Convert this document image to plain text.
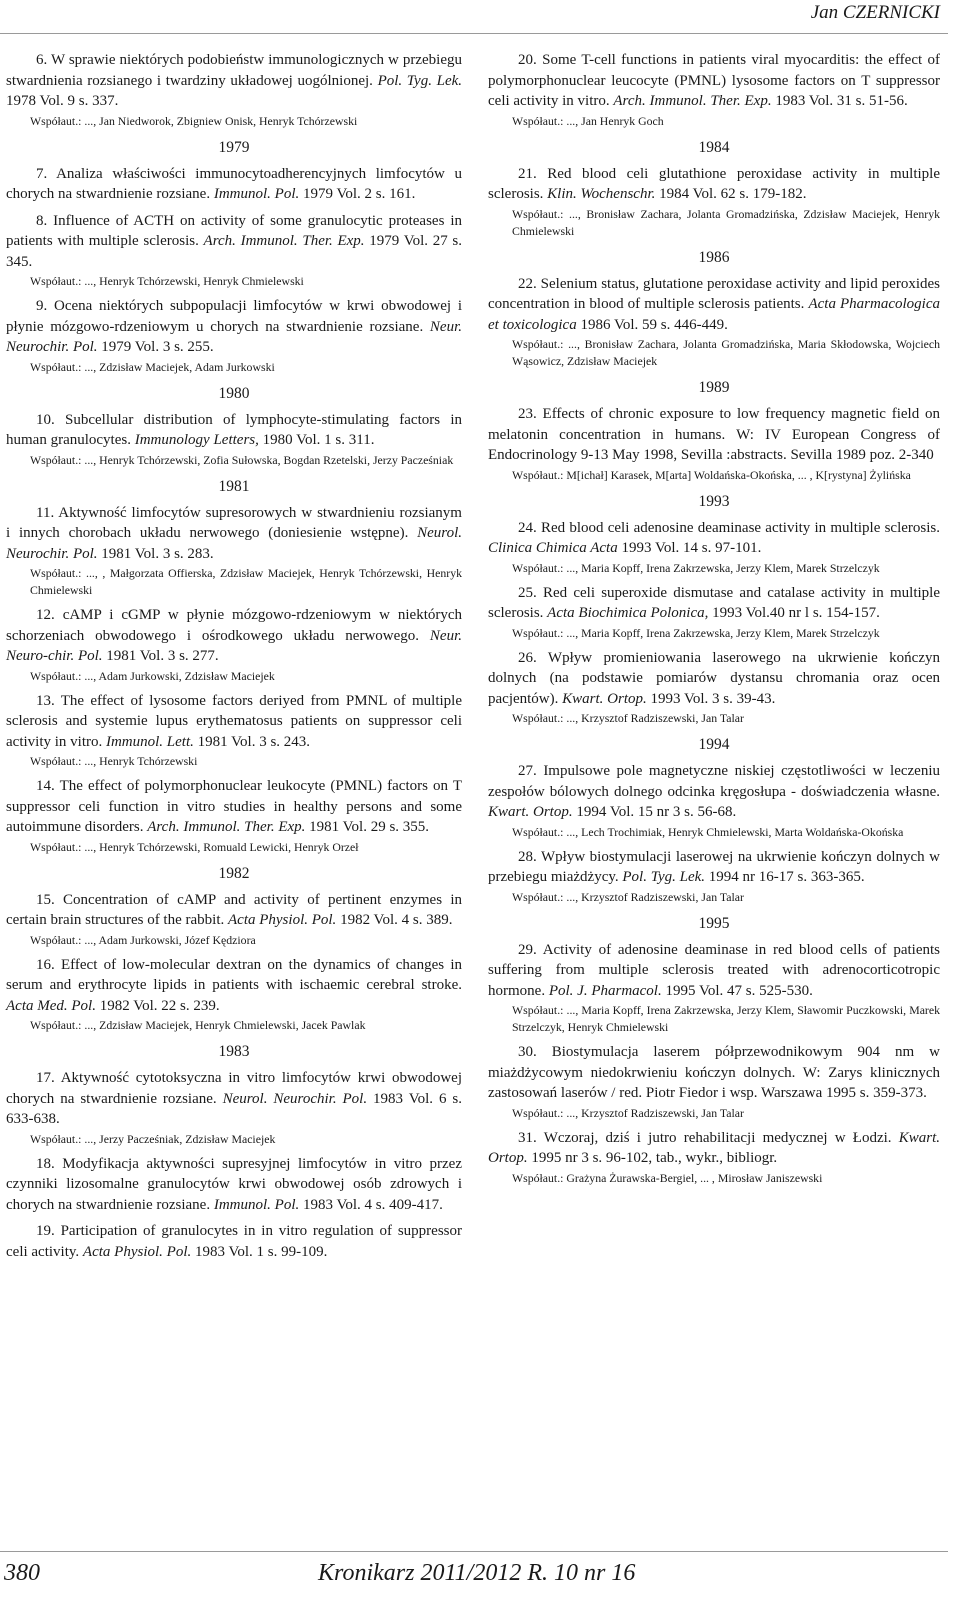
Jan CZERNICKI
6. W sprawie niektórych podobieństw immunologicznych w przebiegu stwardnienia rozsianego i twardziny układowej uogólnionej. Pol. Tyg. Lek. 1978 Vol. 9 s. 337.
Współaut.: ..., Jan Niedworok, Zbigniew Onisk, Henryk Tchórzewski
1979
7. Analiza właściwości immunocytoadherencyjnych limfocytów u chorych na stwardnienie rozsiane. Immunol. Pol. 1979 Vol. 2 s. 161.
8. Influence of ACTH on activity of some granulocytic proteases in patients with multiple sclerosis. Arch. Immunol. Ther. Exp. 1979 Vol. 27 s. 345.
Współaut.: ..., Henryk Tchórzewski, Henryk Chmielewski
9. Ocena niektórych subpopulacji limfocytów w krwi obwodowej i płynie mózgowo-rdzeniowym u chorych na stwardnienie rozsiane. Neur. Neurochir. Pol. 1979 Vol. 3 s. 255.
Współaut.: ..., Zdzisław Maciejek, Adam Jurkowski
1980
10. Subcellular distribution of lymphocyte-stimulating factors in human granulocytes. Immunology Letters, 1980 Vol. 1 s. 311.
Współaut.: ..., Henryk Tchórzewski, Zofia Sułowska, Bogdan Rzetelski, Jerzy Pacześniak
1981
11. Aktywność limfocytów supresorowych w stwardnieniu rozsianym i innych chorobach układu nerwowego (doniesienie wstępne). Neurol. Neurochir. Pol. 1981 Vol. 3 s. 283.
Współaut.: ..., , Małgorzata Offierska, Zdzisław Maciejek, Henryk Tchórzewski, Henryk Chmielewski
12. cAMP i cGMP w płynie mózgowo-rdzeniowym w niektórych schorzeniach obwodowego i ośrodkowego układu nerwowego. Neur. Neuro-chir. Pol. 1981 Vol. 3 s. 277.
Współaut.: ..., Adam Jurkowski, Zdzisław Maciejek
13. The effect of lysosome factors deriyed from PMNL of multiple sclerosis and systemie lupus erythematosus patients on suppressor celi activity in vitro. Immunol. Lett. 1981 Vol. 3 s. 243.
Współaut.: ..., Henryk Tchórzewski
14. The effect of polymorphonuclear leukocyte (PMNL) factors on T suppressor celi function in vitro studies in healthy persons and some autoimmune disorders. Arch. Immunol. Ther. Exp. 1981 Vol. 29 s. 355.
Współaut.: ..., Henryk Tchórzewski, Romuald Lewicki, Henryk Orzeł
1982
15. Concentration of cAMP and activity of pertinent enzymes in certain brain structures of the rabbit. Acta Physiol. Pol. 1982 Vol. 4 s. 389.
Współaut.: ..., Adam Jurkowski, Józef Kędziora
16. Effect of low-molecular dextran on the dynamics of changes in serum and erythrocyte lipids in patients with ischaemic cerebral stroke. Acta Med. Pol. 1982 Vol. 22 s. 239.
Współaut.: ..., Zdzisław Maciejek, Henryk Chmielewski, Jacek Pawlak
1983
17. Aktywność cytotoksyczna in vitro limfocytów krwi obwodowej chorych na stwardnienie rozsiane. Neurol. Neurochir. Pol. 1983 Vol. 6 s. 633-638.
Współaut.: ..., Jerzy Pacześniak, Zdzisław Maciejek
18. Modyfikacja aktywności supresyjnej limfocytów in vitro przez czynniki lizosomalne granulocytów krwi obwodowej osób zdrowych i chorych na stwardnienie rozsiane. Immunol. Pol. 1983 Vol. 4 s. 409-417.
19. Participation of granulocytes in in vitro regulation of suppressor celi activity. Acta Physiol. Pol. 1983 Vol. 1 s. 99-109.
20. Some T-cell functions in patients viral myocarditis: the effect of polymorphonuclear leucocyte (PMNL) lysosome factors on T suppressor celi activity in vitro. Arch. Immunol. Ther. Exp. 1983 Vol. 31 s. 51-56.
Współaut.: ..., Jan Henryk Goch
1984
21. Red blood celi glutathione peroxidase activity in multiple sclerosis. Klin. Wochenschr. 1984 Vol. 62 s. 179-182.
Współaut.: ..., Bronisław Zachara, Jolanta Gromadzińska, Zdzisław Maciejek, Henryk Chmielewski
1986
22. Selenium status, glutatione peroxidase activity and lipid peroxides concentration in blood of multiple sclerosis patients. Acta Pharmacologica et toxicologica 1986 Vol. 59 s. 446-449.
Współaut.: ..., Bronisław Zachara, Jolanta Gromadzińska, Maria Skłodowska, Wojciech Wąsowicz, Zdzisław Maciejek
1989
23. Effects of chronic exposure to low frequency magnetic field on melatonin concentration in humans. W: IV European Congress of Endocrinology 9-13 May 1998, Sevilla :abstracts. Sevilla 1989 poz. 2-340
Współaut.: M[ichał] Karasek, M[arta] Woldańska-Okońska, ... , K[rystyna] Żylińska
1993
24. Red blood celi adenosine deaminase activity in multiple sclerosis. Clinica Chimica Acta 1993 Vol. 14 s. 97-101.
Współaut.: ..., Maria Kopff, Irena Zakrzewska, Jerzy Klem, Marek Strzelczyk
25. Red celi superoxide dismutase and catalase activity in multiple sclerosis. Acta Biochimica Polonica, 1993 Vol.40 nr l s. 154-157.
Współaut.: ..., Maria Kopff, Irena Zakrzewska, Jerzy Klem, Marek Strzelczyk
26. Wpływ promieniowania laserowego na ukrwienie kończyn dolnych (na podstawie pomiarów dystansu chromania oraz ocen pacjentów). Kwart. Ortop. 1993 Vol. 3 s. 39-43.
Współaut.: ..., Krzysztof Radziszewski, Jan Talar
1994
27. Impulsowe pole magnetyczne niskiej częstotliwości w leczeniu zespołów bólowych dolnego odcinka kręgosłupa - doświadczenia własne. Kwart. Ortop. 1994 Vol. 15 nr 3 s. 56-68.
Współaut.: ..., Lech Trochimiak, Henryk Chmielewski, Marta Woldańska-Okońska
28. Wpływ biostymulacji laserowej na ukrwienie kończyn dolnych w przebiegu miażdżycy. Pol. Tyg. Lek. 1994 nr 16-17 s. 363-365.
Współaut.: ..., Krzysztof Radziszewski, Jan Talar
1995
29. Activity of adenosine deaminase in red blood cells of patients suffering from multiple sclerosis treated with adrenocorticotropic hormone. Pol. J. Pharmacol. 1995 Vol. 47 s. 525-530.
Współaut.: ..., Maria Kopff, Irena Zakrzewska, Jerzy Klem, Sławomir Puczkowski, Marek Strzelczyk, Henryk Chmielewski
30. Biostymulacja laserem półprzewodnikowym 904 nm w miażdżycowym niedokrwieniu kończyn dolnych. W: Zarys klinicznych zastosowań laserów / red. Piotr Fiedor i wsp. Warszawa 1995 s. 359-373.
Współaut.: ..., Krzysztof Radziszewski, Jan Talar
31. Wczoraj, dziś i jutro rehabilitacji medycznej w Łodzi. Kwart. Ortop. 1995 nr 3 s. 96-102, tab., wykr., bibliogr.
Współaut.: Grażyna Żurawska-Bergiel, ... , Mirosław Janiszewski
380	Kronikarz 2011/2012 R. 10 nr 16
